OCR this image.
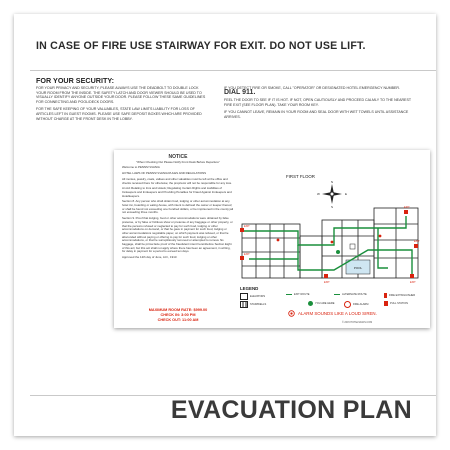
IN CASE OF FIRE USE STAIRWAY FOR EXIT. DO NOT USE LIFT.
FOR YOUR SECURITY:

FOR YOUR PRIVACY AND SECURITY, PLEASE ALWAYS USE THE DEADBOLT TO DOUBLE LOCK YOUR ROOM FROM THE INSIDE. THE SAFETY LATCH AND DOOR VIEWER SHOULD BE USED TO VISUALLY IDENTIFY ANYONE OUTSIDE YOUR DOOR. PLEASE FOLLOW THESE SAME GUIDELINES FOR CONNECTING AND POOL/DECK DOORS.

FOR THE SAFE KEEPING OF YOUR VALUABLES, STATE LAW LIMITS LIABILITY FOR LOSS OF ARTICLES LEFT IN GUEST ROOMS. PLEASE USE SAFE DEPOSIT BOXES WHICH ARE PROVIDED WITHOUT CHARGE AT THE FRONT DESK IN THE LOBBY.

IF YOU DETECT FIRE OR SMOKE, CALL "OPERATOR" OR DESIGNATED HOTEL EMERGENCY NUMBER. DIAL 911.

FEEL THE DOOR TO SEE IF IT IS HOT. IF NOT, OPEN CAUTIOUSLY AND PROCEED CALMLY TO THE NEAREST FIRE EXIT (SEE FLOOR PLAN). TAKE YOUR ROOM KEY.

IF YOU CANNOT LEAVE, REMAIN IN YOUR ROOM AND SEAL DOOR WITH WET TOWELS UNTIL ASSISTANCE ARRIVES.

NOTICE

"When Checking Out Please Notify Front Desk Before Departure"

Welcome to PENNSYLVANIA

HOTEL LAWS OF PENNSYLVANIA RULES AND REGULATIONS

All monies, jewelry, coats, valises and other valuables must be left at the office and checks received there for otherwise; the proprietor will not be responsible for any loss.

An Act Relating to Inns and Hotels; Regulating Certain Rights and Liabilities of Innkeepers and Innkeepers and Providing Penalties for Fraud Against Innkeepers and Hotelkeepers.

Section 8. Any person who shall obtain food, lodging or other accommodation at any hotel inn, boarding or eating-house, with intent to defraud the owner or keeper thereof, or shall be found not exceeding one hundred dollars, or be imprisoned in the county jail not exceeding three months.

Section 9. Proof that lodging, food or other accommodations were obtained by false pretense, or by false or fictitious show or pretense of any baggage or other property, or that the persons refused or neglected to pay for such food, lodging or other accommodations on demand, or that he gave in payment for such food, lodging or other accommodations negotiable paper, on which payment was refused, or that he absconded without paying or offering to pay for such food, lodging or other accommodations, or that he surreptitiously removed or attempted to remove his baggage, shall be prima facie proof of the fraudulent intent hereinbefore Section Eight of this act; but this act shall not apply where there has been an agreement, in writing, for delay in payment for a period to exceed ten days.

Approved the 12th day of June, A.D., 1913.

MAXIMUM ROOM RATE: $999.00
CHECK IN: 3:00 PM
CHECK OUT: 11:00 AM
FIRST FLOOR
N
S
E
W
POOL
EXIT
EXIT
EXIT
EXIT
EXIT
EXIT
LEGEND
ELEVATORS
EXIT ROUTE	ALTERNATE ROUTE	FIRE EXTINGUISHER
STAIRWELLS	YOU ARE HERE	FIRE ALARM	PULL STATION
ALARM SOUNDS LIKE A LOUD SIREN.
© 2015 HOTELSIGNS.COM
EVACUATION PLAN
